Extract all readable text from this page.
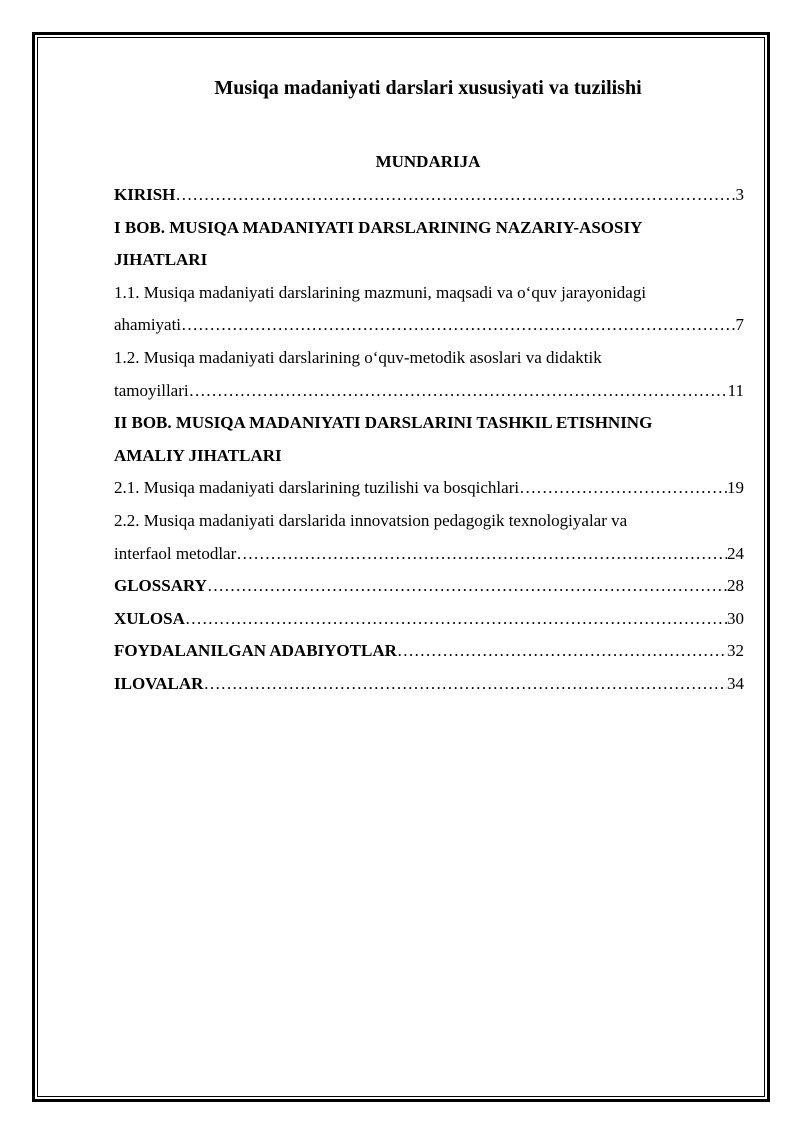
Musiqa madaniyati darslari xususiyati va tuzilishi
MUNDARIJA
KIRISH …………………………………………………………………………………………………………………………………………………………………	3
I BOB. MUSIQA MADANIYATI DARSLARINING NAZARIY-ASOSIY
JIHATLARI
1.1. Musiqa madaniyati darslarining mazmuni, maqsadi va o‘quv jarayonidagi
ahamiyati …………………………………………………………………………………………………………………………………………………………………	7
1.2. Musiqa madaniyati darslarining o‘quv-metodik asoslari va didaktik
tamoyillari …………………………………………………………………………………………………………………………………………………………………	11
II BOB. MUSIQA MADANIYATI DARSLARINI TASHKIL ETISHNING
AMALIY JIHATLARI
2.1. Musiqa madaniyati darslarining tuzilishi va bosqichlari …………………………………………………………………………………………………………………………………………………………………	19
2.2. Musiqa madaniyati darslarida innovatsion pedagogik texnologiyalar va
interfaol metodlar …………………………………………………………………………………………………………………………………………………………………	24
GLOSSARY …………………………………………………………………………………………………………………………………………………………………	28
XULOSA …………………………………………………………………………………………………………………………………………………………………	30
FOYDALANILGAN ADABIYOTLAR …………………………………………………………………………………………………………………………………………………………………	32
ILOVALAR …………………………………………………………………………………………………………………………………………………………………	34
